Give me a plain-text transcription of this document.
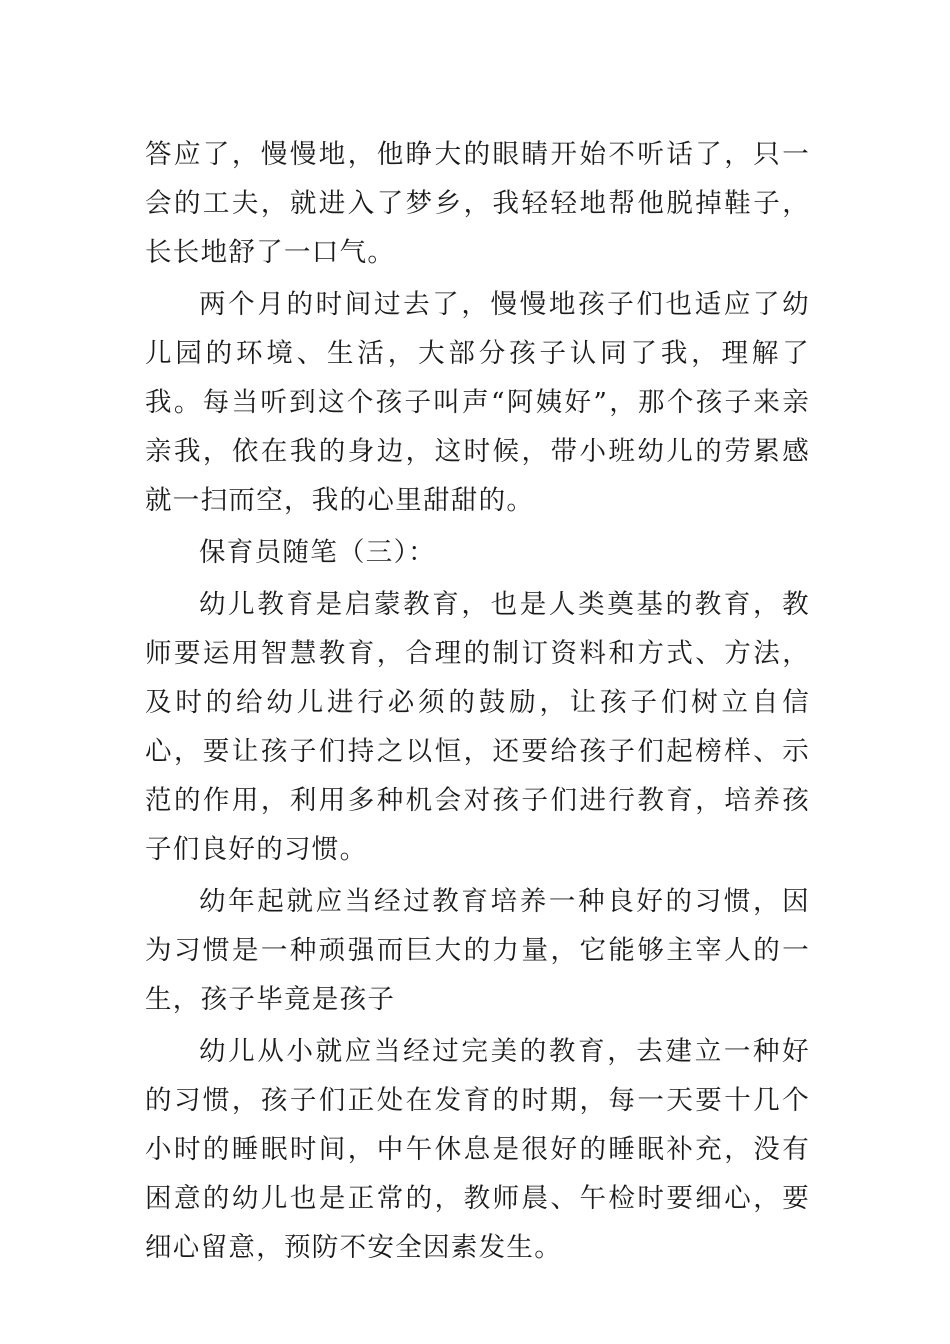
答应了，慢慢地，他睁大的眼睛开始不听话了，只一会的工夫，就进入了梦乡，我轻轻地帮他脱掉鞋子，长长地舒了一口气。

两个月的时间过去了，慢慢地孩子们也适应了幼儿园的环境、生活，大部分孩子认同了我，理解了我。每当听到这个孩子叫声“阿姨好”，那个孩子来亲亲我，依在我的身边，这时候，带小班幼儿的劳累感就一扫而空，我的心里甜甜的。

保育员随笔（三）：

幼儿教育是启蒙教育，也是人类奠基的教育，教师要运用智慧教育，合理的制订资料和方式、方法，及时的给幼儿进行必须的鼓励，让孩子们树立自信心，要让孩子们持之以恒，还要给孩子们起榜样、示范的作用，利用多种机会对孩子们进行教育，培养孩子们良好的习惯。

幼年起就应当经过教育培养一种良好的习惯，因为习惯是一种顽强而巨大的力量，它能够主宰人的一生，孩子毕竟是孩子

幼儿从小就应当经过完美的教育，去建立一种好的习惯，孩子们正处在发育的时期，每一天要十几个小时的睡眠时间，中午休息是很好的睡眠补充，没有困意的幼儿也是正常的，教师晨、午检时要细心，要细心留意，预防不安全因素发生。
